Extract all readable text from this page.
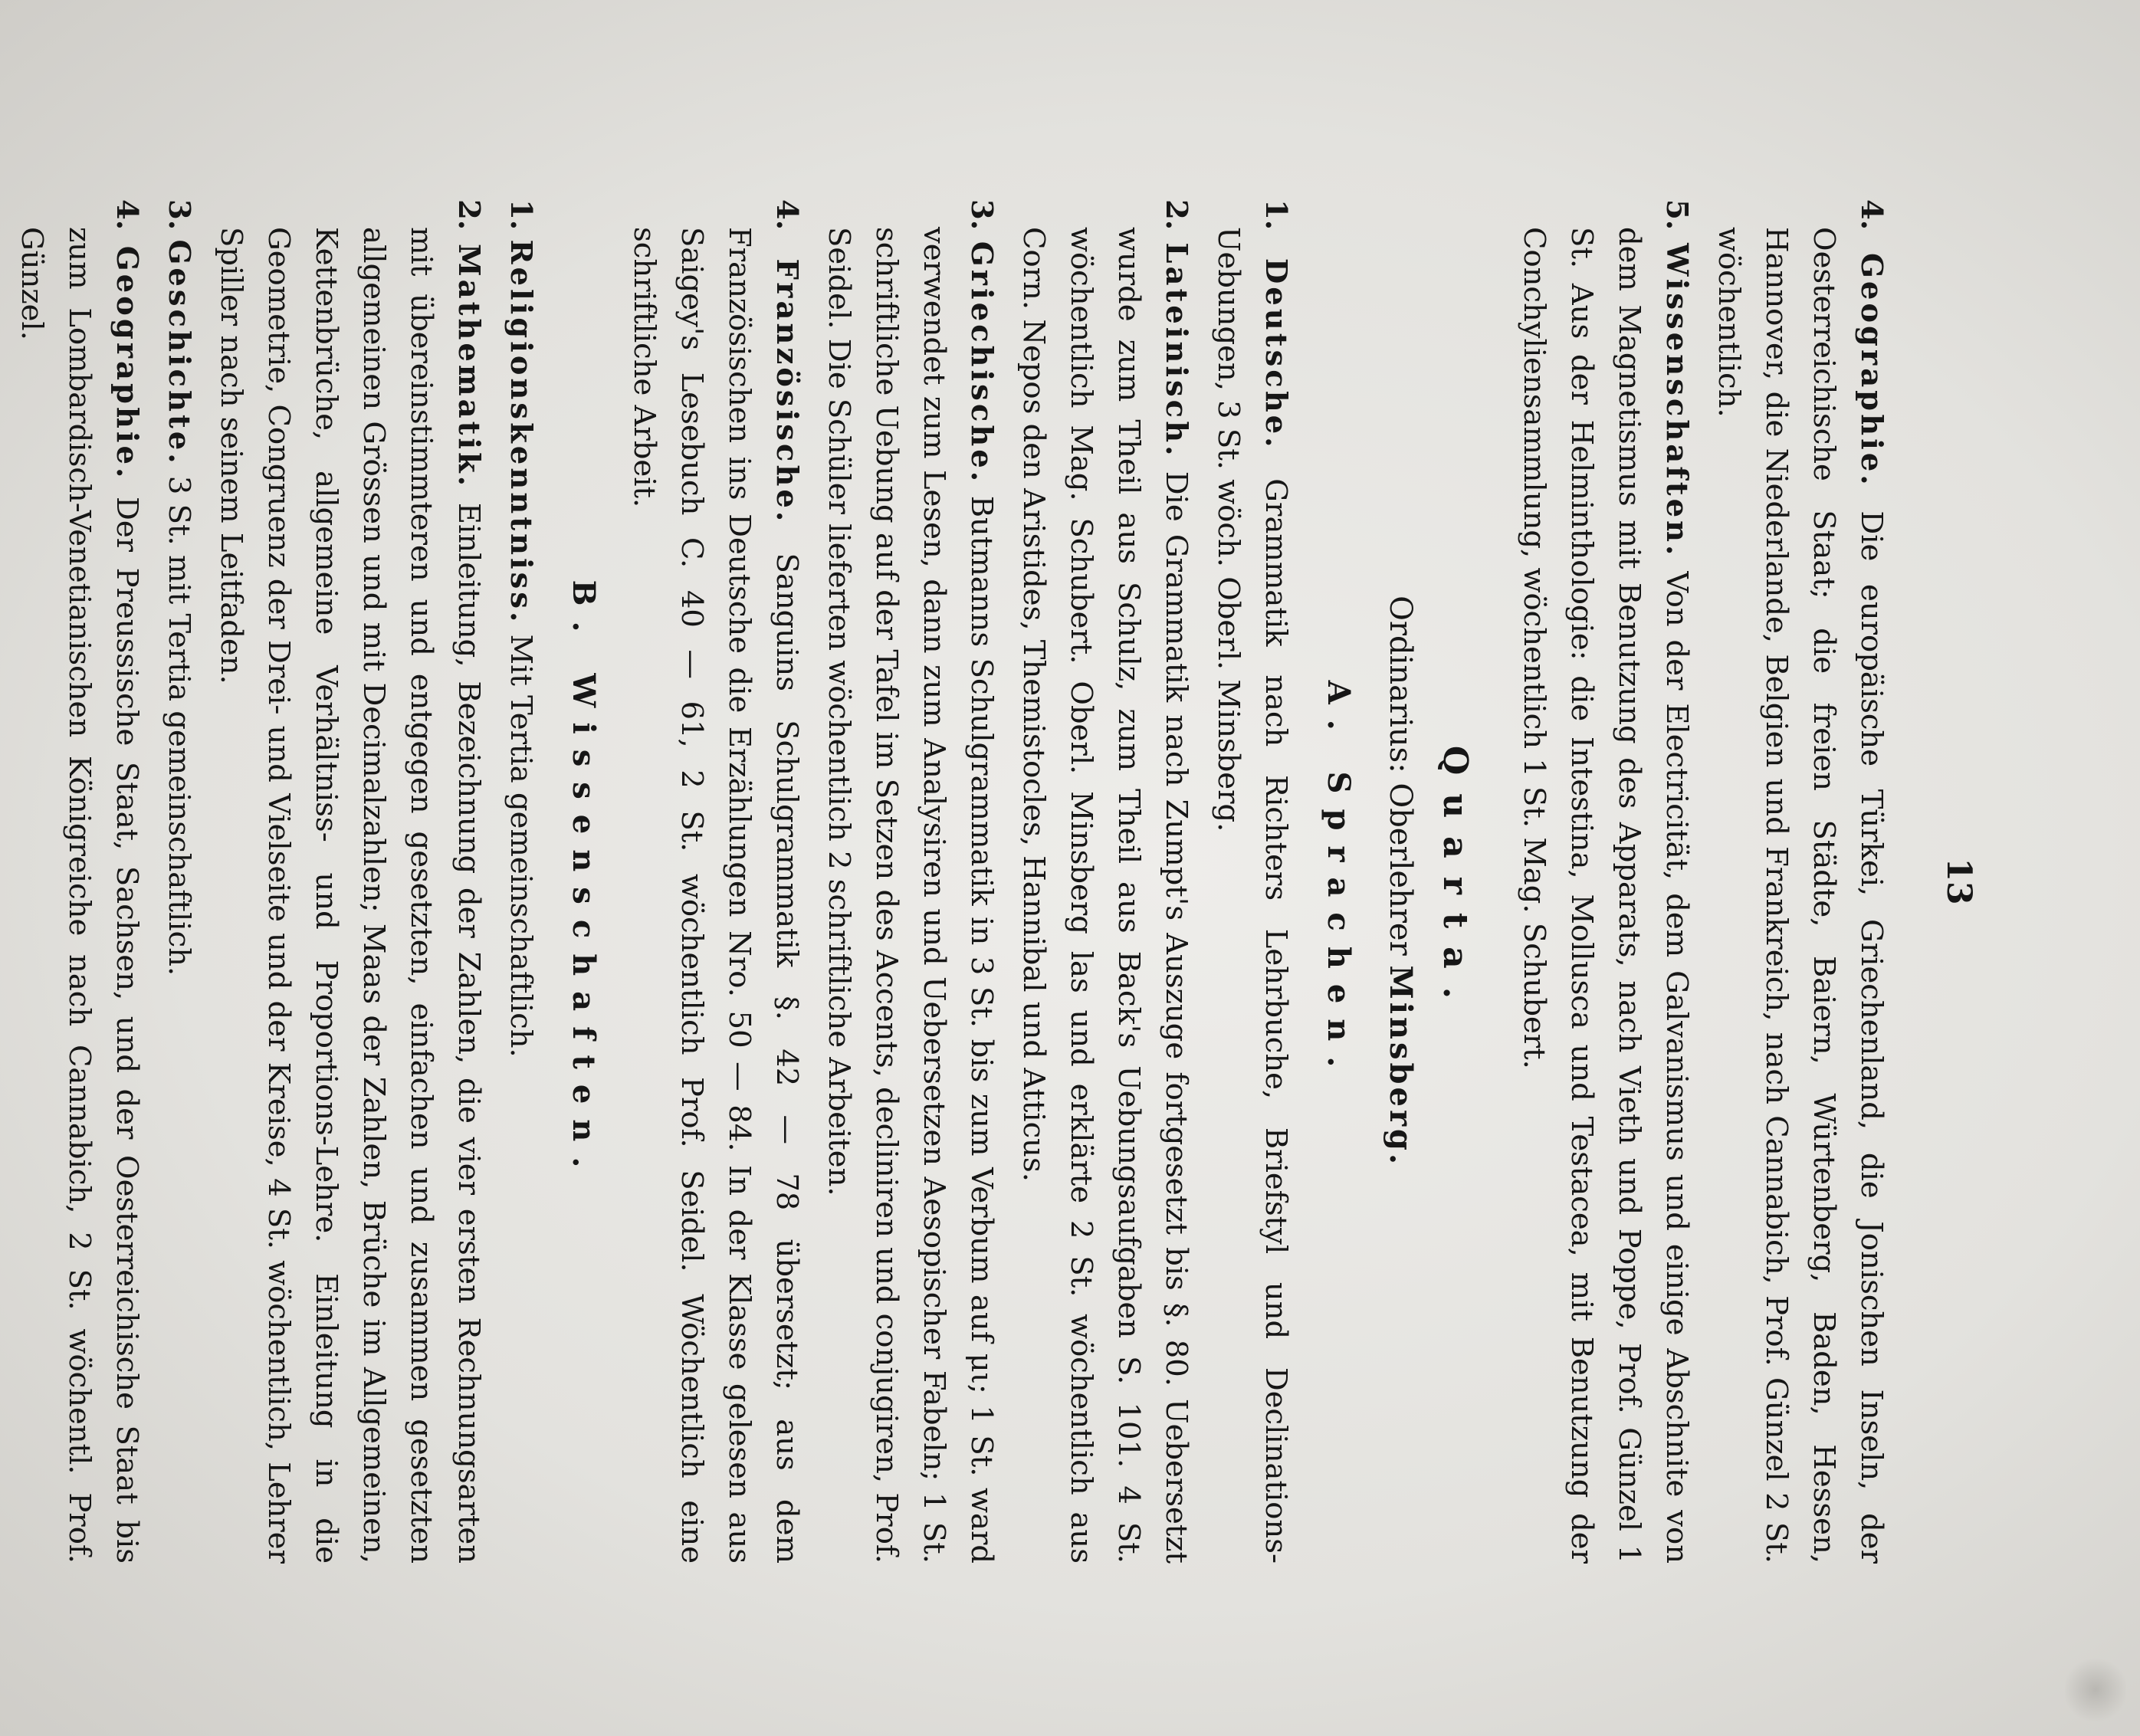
13

4. Geographie. Die europäische Türkei, Griechenland, die Jonischen Inseln, der Oesterreichische Staat; die freien Städte, Baiern, Würtenberg, Baden, Hessen, Hannover, die Niederlande, Belgien und Frankreich, nach Cannabich, Prof. Günzel 2 St. wöchentlich.

5. Wissenschaften. Von der Electricität, dem Galvanismus und einige Abschnite von dem Magnetismus mit Benutzung des Apparats, nach Vieth und Poppe, Prof. Günzel 1 St. Aus der Helminthologie: die Intestina, Mollusca und Testacea, mit Benutzung der Conchyliensammlung, wöchentlich 1 St. Mag. Schubert.

Quarta.
Ordinarius: Oberlehrer Minsberg.
A. Sprachen.

1. Deutsche. Grammatik nach Richters Lehrbuche, Briefstyl und Declinations-Uebungen, 3 St. wöch. Oberl. Minsberg.

2. Lateinisch. Die Grammatik nach Zumpt's Auszuge fortgesetzt bis §. 80. Uebersetzt wurde zum Theil aus Schulz, zum Theil aus Back's Uebungsaufgaben S. 101. 4 St. wöchentlich Mag. Schubert. Oberl. Minsberg las und erklärte 2 St. wöchentlich aus Corn. Nepos den Aristides, Themistocles, Hannibal und Atticus.

3. Griechische. Butmanns Schulgrammatik in 3 St. bis zum Verbum auf μι; 1 St. ward verwendet zum Lesen, dann zum Analysiren und Uebersetzen Aesopischer Fabeln; 1 St. schriftliche Uebung auf der Tafel im Setzen des Accents, decliniren und conjugiren, Prof. Seidel. Die Schüler lieferten wöchentlich 2 schriftliche Arbeiten.

4. Französische. Sanguins Schulgrammatik §. 42 — 78 übersetzt; aus dem Französischen ins Deutsche die Erzählungen Nro. 50 — 84. In der Klasse gelesen aus Saigey's Lesebuch C. 40 — 61, 2 St. wöchentlich Prof. Seidel. Wöchentlich eine schriftliche Arbeit.

B. Wissenschaften.

1. Religionskenntniss. Mit Tertia gemeinschaftlich.

2. Mathematik. Einleitung, Bezeichnung der Zahlen, die vier ersten Rechnungsarten mit übereinstimmteren und entgegen gesetzten, einfachen und zusammen gesetzten allgemeinen Grössen und mit Decimalzahlen; Maas der Zahlen, Brüche im Allgemeinen, Kettenbrüche, allgemeine Verhältniss- und Proportions-Lehre. Einleitung in die Geometrie, Congruenz der Drei- und Vielseite und der Kreise, 4 St. wöchentlich, Lehrer Spiller nach seinem Leitfaden.

3. Geschichte. 3 St. mit Tertia gemeinschaftlich.

4. Geographie. Der Preussische Staat, Sachsen, und der Oesterreichische Staat bis zum Lombardisch-Venetianischen Königreiche nach Cannabich, 2 St. wöchentl. Prof. Günzel.
